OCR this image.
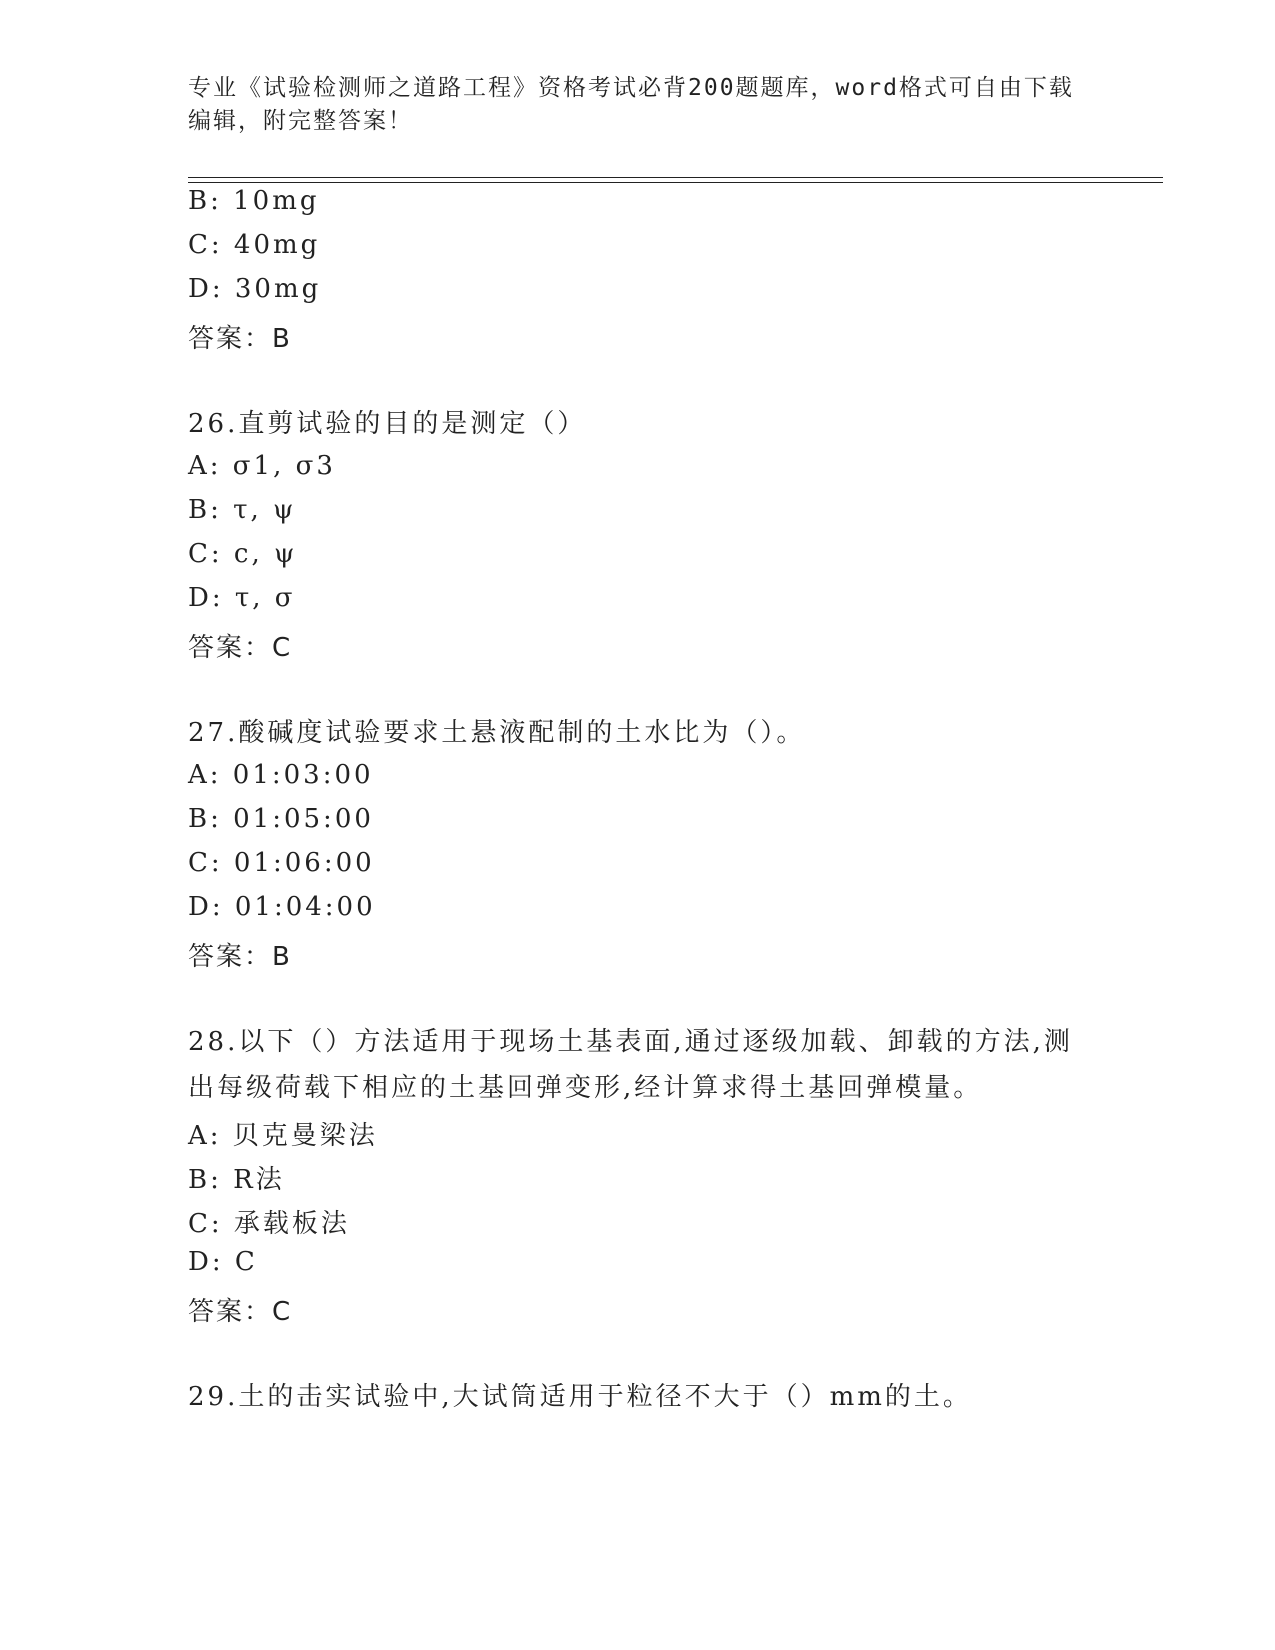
专业《试验检测师之道路工程》资格考试必背200题题库，word格式可自由下载
编辑，附完整答案！
B: 10mg
C: 40mg
D: 30mg
答案：B
26.直剪试验的目的是测定（）
A: σ1, σ3
B: τ, ψ
C: c, ψ
D: τ, σ
答案：C
27.酸碱度试验要求土悬液配制的土水比为（）。
A: 01:03:00
B: 01:05:00
C: 01:06:00
D: 01:04:00
答案：B
28.以下（）方法适用于现场土基表面,通过逐级加载、卸载的方法,测出每级荷载下相应的土基回弹变形,经计算求得土基回弹模量。
A: 贝克曼梁法
B: R法
C: 承载板法
D: C
答案：C
29.土的击实试验中,大试筒适用于粒径不大于（）mm的土。
